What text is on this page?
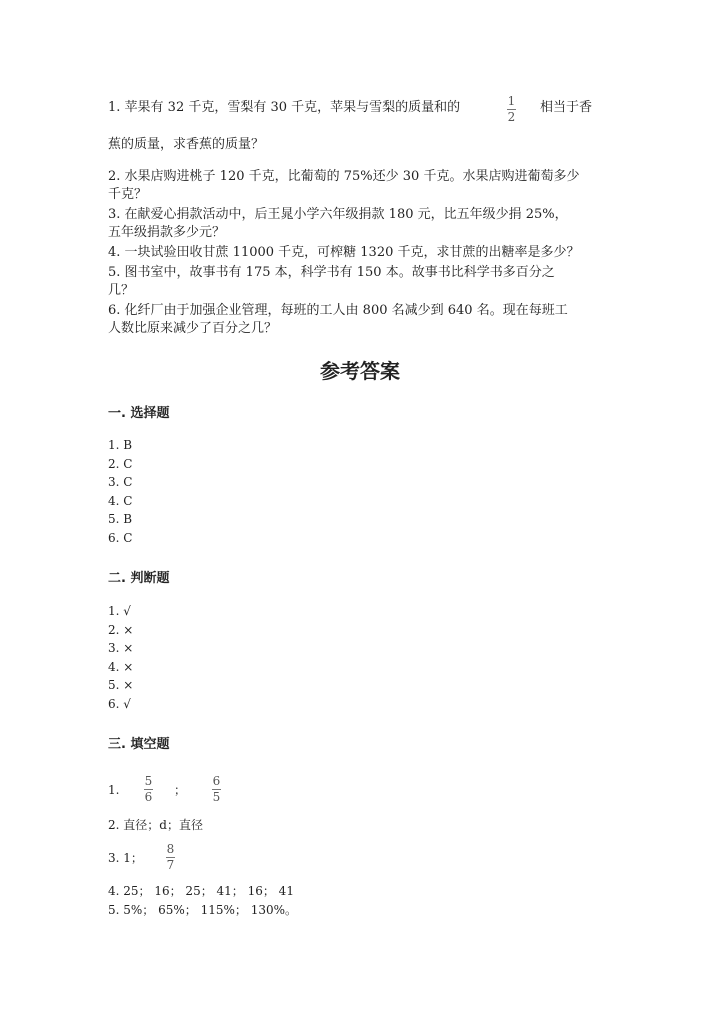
1. 苹果有 32 千克，雪梨有 30 千克，苹果与雪梨的质量和的	1
2
相当于香
蕉的质量，求香蕉的质量？
2. 水果店购进桃子 120 千克，比葡萄的 75%还少 30 千克。水果店购进葡萄多少
千克？
3. 在献爱心捐款活动中，后王晁小学六年级捐款 180 元，比五年级少捐 25%，
五年级捐款多少元？
4. 一块试验田收甘蔗 11000 千克，可榨糖 1320 千克，求甘蔗的出糖率是多少？
5. 图书室中，故事书有 175 本，科学书有 150 本。故事书比科学书多百分之
几？
6. 化纤厂由于加强企业管理，每班的工人由 800 名减少到 640 名。现在每班工
人数比原来减少了百分之几？
参考答案
一. 选择题
1. B
2. C
3. C
4. C
5. B
6. C
二. 判断题
1. √
2. ×
3. ×
4. ×
5. ×
6. √
三. 填空题
1.
5
6 ；
6
5
2. 直径；d；直径
3. 1；
8
7
4. 25； 16； 25； 41； 16； 41
5. 5%； 65%； 115%； 130%。
